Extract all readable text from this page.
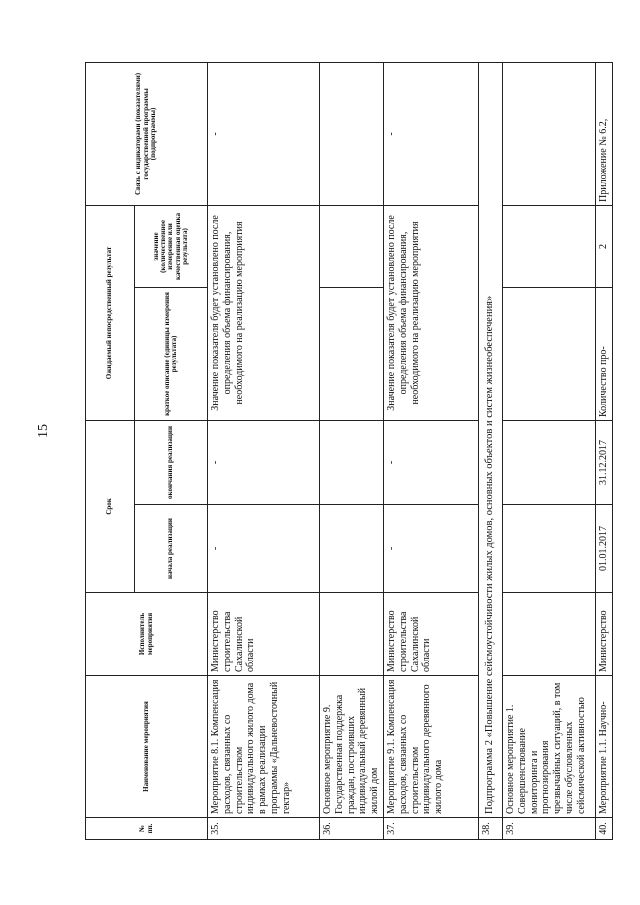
15
№ пп.	Наименование мероприятия	Исполнитель мероприятия	Срок		Ожидаемый непосредственный результат		Связь с индикаторами (показателями) государственной программы (подпрограммы)
			начала реализации	окончания реализации	краткое описание (единицы измерения результата)	значение (количественное измерение или качественная оценка результата)	
35.	Мероприятие 8.1. Компенсация расходов, связанных со строительством индивидуального жилого дома в рамках реализации программы «Дальневосточный гектар»	Министерство строительства Сахалинской области	-	-	Значение показателя будет установлено после определения объема финансирования, необходимого на реализацию мероприятия		-
36.	Основное мероприятие 9. Государственная поддержка граждан, построивших индивидуальный деревянный жилой дом						
37.	Мероприятие 9.1. Компенсация расходов, связанных со строительством индивидуального деревянного жилого дома	Министерство строительства Сахалинской области	-	-	Значение показателя будет установлено после определения объема финансирования, необходимого на реализацию мероприятия		-
38.	Подпрограмма 2 «Повышение сейсмоустойчивости жилых домов, основных объектов и систем жизнеобеспечения»						
39.	Основное мероприятие 1. Совершенствование мониторинга и прогнозирования чрезвычайных ситуаций, в том числе обусловленных сейсмической активностью						
40.	Мероприятие 1.1. Научно-	Министерство	01.01.2017	31.12.2017	Количество про-	2	Приложение № 6.2,
